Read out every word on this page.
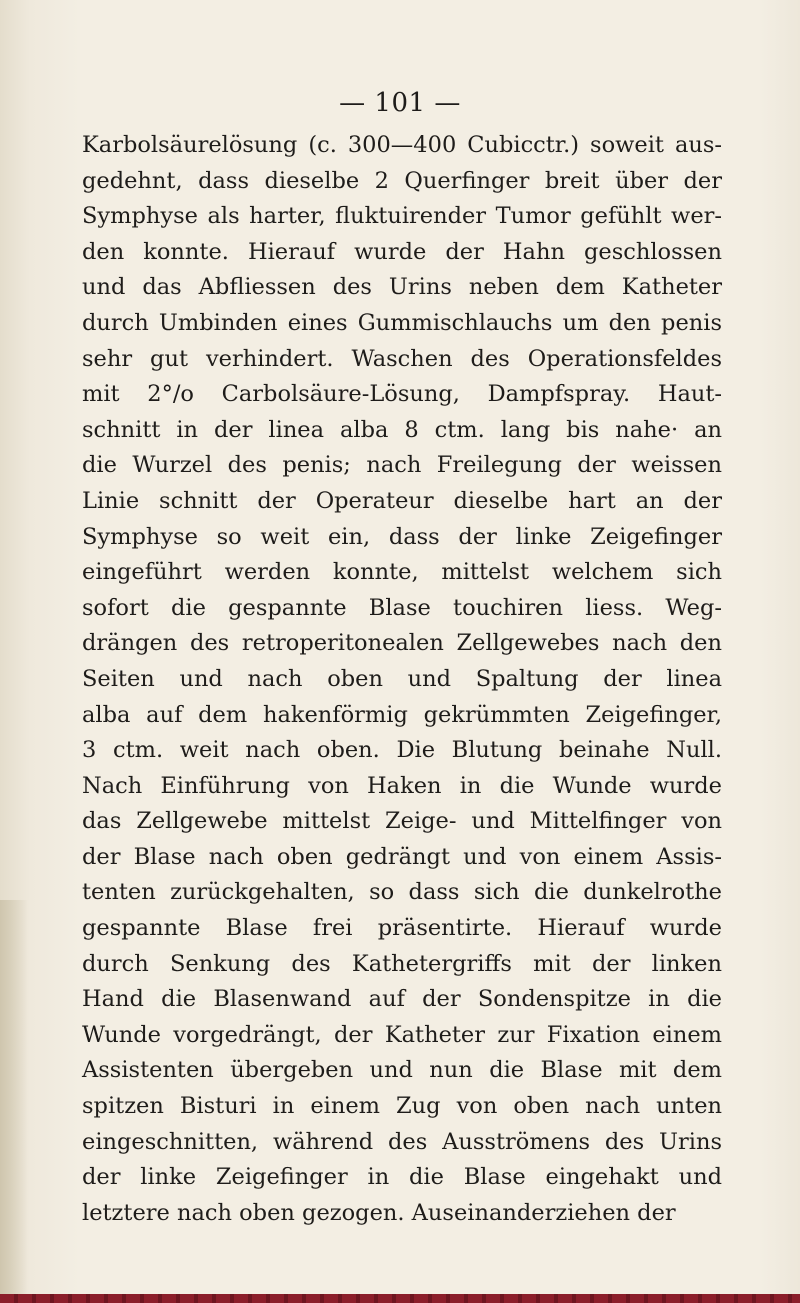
— 101 —
Karbolsäurelösung (c. 300—400 Cubicctr.) soweit aus-
gedehnt, dass dieselbe 2 Querfinger breit über der
Symphyse als harter, fluktuirender Tumor gefühlt wer-
den konnte. Hierauf wurde der Hahn geschlossen
und das Abfliessen des Urins neben dem Katheter
durch Umbinden eines Gummischlauchs um den penis
sehr gut verhindert. Waschen des Operationsfeldes
mit 2°/o Carbolsäure-Lösung, Dampfspray. Haut-
schnitt in der linea alba 8 ctm. lang bis nahe· an
die Wurzel des penis; nach Freilegung der weissen
Linie schnitt der Operateur dieselbe hart an der
Symphyse so weit ein, dass der linke Zeigefinger
eingeführt werden konnte, mittelst welchem sich
sofort die gespannte Blase touchiren liess. Weg-
drängen des retroperitonealen Zellgewebes nach den
Seiten und nach oben und Spaltung der linea
alba auf dem hakenförmig gekrümmten Zeigefinger,
3 ctm. weit nach oben. Die Blutung beinahe Null.
Nach Einführung von Haken in die Wunde wurde
das Zellgewebe mittelst Zeige- und Mittelfinger von
der Blase nach oben gedrängt und von einem Assis-
tenten zurückgehalten, so dass sich die dunkelrothe
gespannte Blase frei präsentirte. Hierauf wurde
durch Senkung des Kathetergriffs mit der linken
Hand die Blasenwand auf der Sondenspitze in die
Wunde vorgedrängt, der Katheter zur Fixation einem
Assistenten übergeben und nun die Blase mit dem
spitzen Bisturi in einem Zug von oben nach unten
eingeschnitten, während des Ausströmens des Urins
der linke Zeigefinger in die Blase eingehakt und
letztere nach oben gezogen. Auseinanderziehen der
